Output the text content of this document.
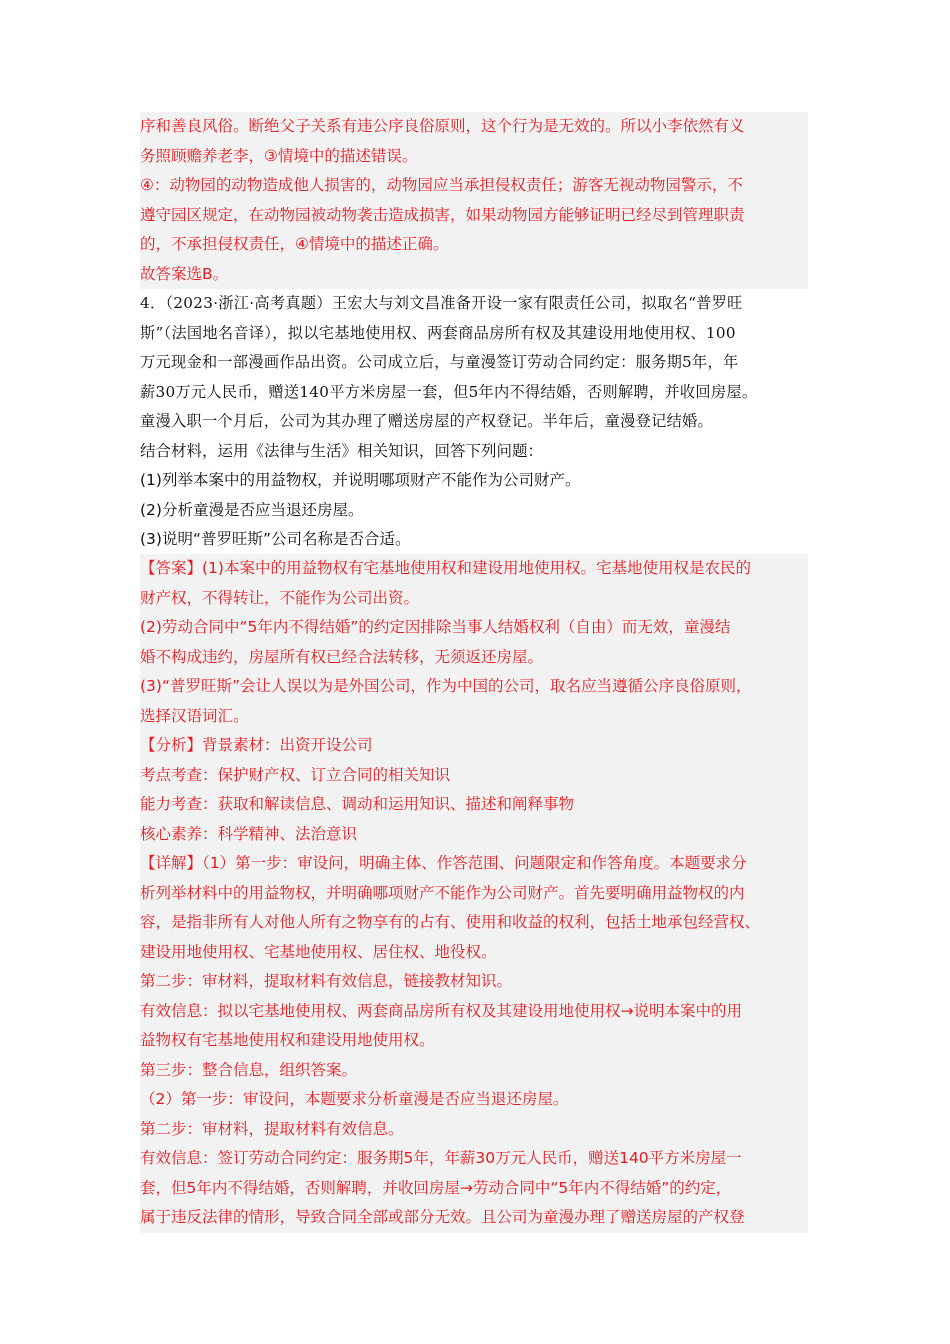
序和善良风俗。断绝父子关系有违公序良俗原则，这个行为是无效的。所以小李依然有义
务照顾赡养老李，③情境中的描述错误。
④：动物园的动物造成他人损害的，动物园应当承担侵权责任；游客无视动物园警示，不
遵守园区规定，在动物园被动物袭击造成损害，如果动物园方能够证明已经尽到管理职责
的，不承担侵权责任，④情境中的描述正确。
故答案选B。
4．（2023·浙江·高考真题）王宏大与刘文昌准备开设一家有限责任公司，拟取名“普罗旺
斯”（法国地名音译），拟以宅基地使用权、两套商品房所有权及其建设用地使用权、100
万元现金和一部漫画作品出资。公司成立后，与童漫签订劳动合同约定：服务期5年，年
薪30万元人民币，赠送140平方米房屋一套，但5年内不得结婚，否则解聘，并收回房屋。
童漫入职一个月后，公司为其办理了赠送房屋的产权登记。半年后，童漫登记结婚。
结合材料，运用《法律与生活》相关知识，回答下列问题：
(1)列举本案中的用益物权，并说明哪项财产不能作为公司财产。
(2)分析童漫是否应当退还房屋。
(3)说明“普罗旺斯”公司名称是否合适。
【答案】(1)本案中的用益物权有宅基地使用权和建设用地使用权。宅基地使用权是农民的
财产权，不得转让，不能作为公司出资。
(2)劳动合同中“5年内不得结婚”的约定因排除当事人结婚权利（自由）而无效，童漫结
婚不构成违约，房屋所有权已经合法转移，无须返还房屋。
(3)“普罗旺斯”会让人误以为是外国公司，作为中国的公司，取名应当遵循公序良俗原则，
选择汉语词汇。
【分析】背景素材：出资开设公司
考点考查：保护财产权、订立合同的相关知识
能力考查：获取和解读信息、调动和运用知识、描述和阐释事物
核心素养：科学精神、法治意识
【详解】（1）第一步：审设问，明确主体、作答范围、问题限定和作答角度。本题要求分
析列举材料中的用益物权，并明确哪项财产不能作为公司财产。首先要明确用益物权的内
容，是指非所有人对他人所有之物享有的占有、使用和收益的权利，包括土地承包经营权、
建设用地使用权、宅基地使用权、居住权、地役权。
第二步：审材料，提取材料有效信息，链接教材知识。
有效信息：拟以宅基地使用权、两套商品房所有权及其建设用地使用权→说明本案中的用
益物权有宅基地使用权和建设用地使用权。
第三步：整合信息，组织答案。
（2）第一步：审设问，本题要求分析童漫是否应当退还房屋。
第二步：审材料，提取材料有效信息。
有效信息：签订劳动合同约定：服务期5年，年薪30万元人民币，赠送140平方米房屋一
套，但5年内不得结婚，否则解聘，并收回房屋→劳动合同中“5年内不得结婚”的约定，
属于违反法律的情形，导致合同全部或部分无效。且公司为童漫办理了赠送房屋的产权登
